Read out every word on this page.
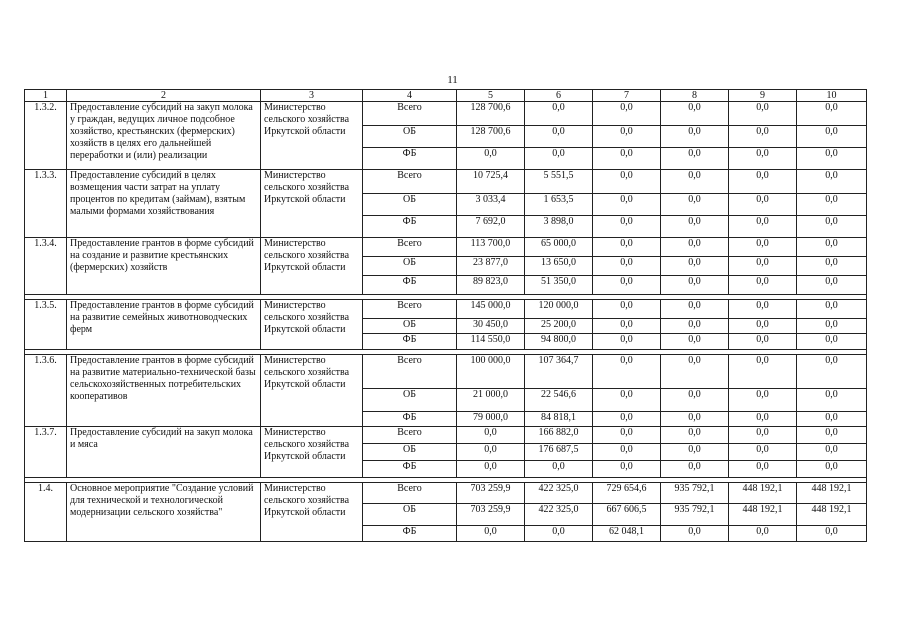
11
1	2	3	4	5	6	7	8	9	10
1.3.2.	Предоставление субсидий на закуп молока у граждан, ведущих личное подсобное хозяйство, крестьянских (фермерских) хозяйств в целях его дальнейшей переработки и (или) реализации	Министерство сельского хозяйства Иркутской области	Всего	128 700,6	0,0	0,0	0,0	0,0	0,0
			ОБ	128 700,6	0,0	0,0	0,0	0,0	0,0
			ФБ	0,0	0,0	0,0	0,0	0,0	0,0
1.3.3.	Предоставление субсидий в целях возмещения части затрат на уплату процентов по кредитам (займам), взятым малыми формами хозяйствования	Министерство сельского хозяйства Иркутской области	Всего	10 725,4	5 551,5	0,0	0,0	0,0	0,0
			ОБ	3 033,4	1 653,5	0,0	0,0	0,0	0,0
			ФБ	7 692,0	3 898,0	0,0	0,0	0,0	0,0
1.3.4.	Предоставление грантов в форме субсидий на создание и развитие крестьянских (фермерских) хозяйств	Министерство сельского хозяйства Иркутской области	Всего	113 700,0	65 000,0	0,0	0,0	0,0	0,0
			ОБ	23 877,0	13 650,0	0,0	0,0	0,0	0,0
			ФБ	89 823,0	51 350,0	0,0	0,0	0,0	0,0

1.3.5.	Предоставление грантов в форме субсидий на развитие семейных животноводческих ферм	Министерство сельского хозяйства Иркутской области	Всего	145 000,0	120 000,0	0,0	0,0	0,0	0,0
			ОБ	30 450,0	25 200,0	0,0	0,0	0,0	0,0
			ФБ	114 550,0	94 800,0	0,0	0,0	0,0	0,0

1.3.6.	Предоставление грантов в форме субсидий на развитие материально-технической базы сельскохозяйственных потребительских кооперативов	Министерство сельского хозяйства Иркутской области	Всего	100 000,0	107 364,7	0,0	0,0	0,0	0,0
			ОБ	21 000,0	22 546,6	0,0	0,0	0,0	0,0
			ФБ	79 000,0	84 818,1	0,0	0,0	0,0	0,0
1.3.7.	Предоставление субсидий на закуп молока и мяса	Министерство сельского хозяйства Иркутской области	Всего	0,0	166 882,0	0,0	0,0	0,0	0,0
			ОБ	0,0	176 687,5	0,0	0,0	0,0	0,0
			ФБ	0,0	0,0	0,0	0,0	0,0	0,0

1.4.	Основное мероприятие "Создание условий для технической и технологической модернизации сельского хозяйства"	Министерство сельского хозяйства Иркутской области	Всего	703 259,9	422 325,0	729 654,6	935 792,1	448 192,1	448 192,1
			ОБ	703 259,9	422 325,0	667 606,5	935 792,1	448 192,1	448 192,1
			ФБ	0,0	0,0	62 048,1	0,0	0,0	0,0
